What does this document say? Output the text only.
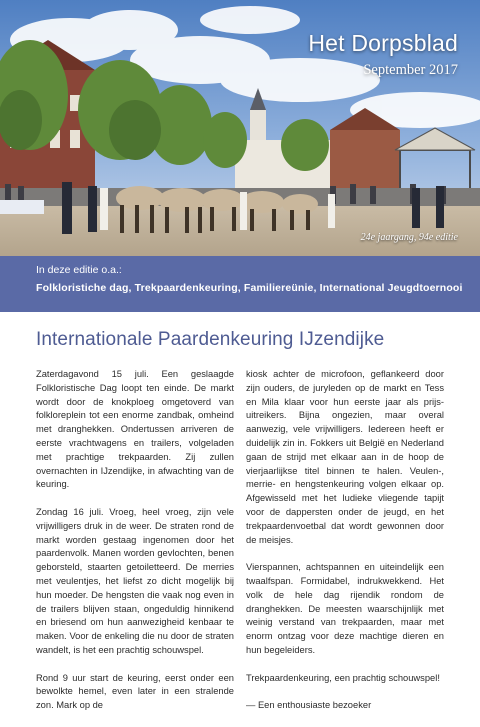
Het Dorpsblad
September 2017
24e jaargang, 94e editie
In deze editie o.a.:
Folkloristiche dag, Trekpaardenkeuring, Familiereünie, International Jeugdtoernooi
Internationale Paardenkeuring IJzendijke

Zaterdagavond 15 juli. Een geslaagde Folkloristische Dag loopt ten einde. De markt wordt door de knokploeg omgetoverd van folkloreplein tot een enorme zandbak, omheind met dranghekken. Ondertussen arriveren de eerste vrachtwagens en trailers, volgeladen met prachtige trekpaarden. Zij zullen overnachten in IJzendijke, in afwachting van de keuring.

Zondag 16 juli. Vroeg, heel vroeg, zijn vele vrijwilligers druk in de weer. De straten rond de markt worden gestaag ingenomen door het paardenvolk. Manen worden gevlochten, benen geborsteld, staarten getoiletteerd. De merries met veulentjes, het liefst zo dicht mogelijk bij hun moeder. De hengsten die vaak nog even in de trailers blijven staan, ongeduldig hinnikend en briesend om hun aanwezigheid kenbaar te maken. Voor de enkeling die nu door de straten wandelt, is het een prachtig schouwspel.

Rond 9 uur start de keuring, eerst onder een bewolkte hemel, even later in een stralende zon. Mark op de

kiosk achter de microfoon, geflankeerd door zijn ouders, de juryleden op de markt en Tess en Mila klaar voor hun eerste jaar als prijs-uitreikers. Bijna ongezien, maar overal aanwezig, vele vrijwilligers. Iedereen heeft er duidelijk zin in. Fokkers uit België en Nederland gaan de strijd met elkaar aan in de hoop de vierjaarlijkse titel binnen te halen. Veulen-, merrie- en hengstenkeuring volgen elkaar op. Afgewisseld met het ludieke vliegende tapijt voor de dappersten onder de jeugd, en het trekpaardenvoetbal dat wordt gewonnen door de meisjes.

Vierspannen, achtspannen en uiteindelijk een twaalfspan. Formidabel, indrukwekkend. Het volk de hele dag rijendik rondom de dranghekken. De meesten waarschijnlijk met weinig verstand van trekpaarden, maar met enorm ontzag voor deze machtige dieren en hun begeleiders.

Trekpaardenkeuring, een prachtig schouwspel!

— Een enthousiaste bezoeker
